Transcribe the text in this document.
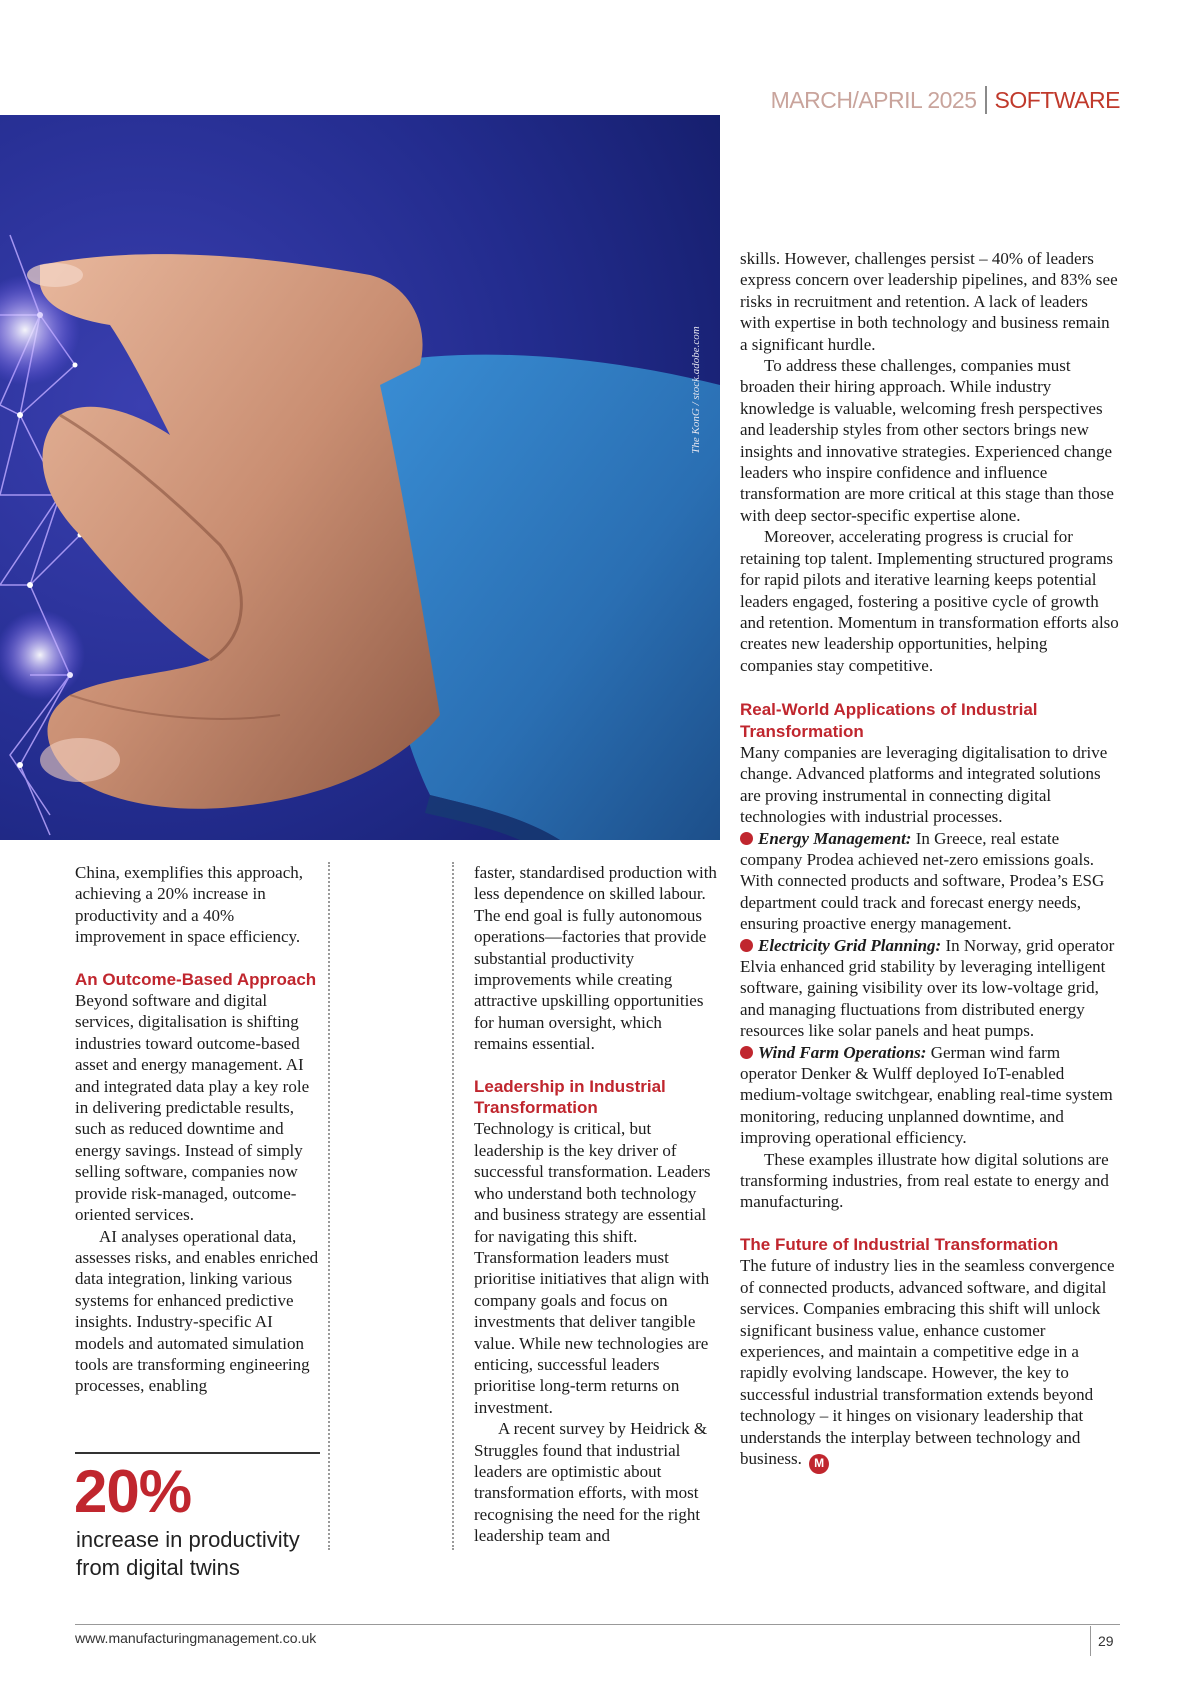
MARCH/APRIL 2025 SOFTWARE
The KonG / stock.adobe.com

China, exemplifies this approach, achieving a 20% increase in productivity and a 40% improvement in space efficiency.

An Outcome-Based Approach

Beyond software and digital services, digitalisation is shifting industries toward outcome-based asset and energy management. AI and integrated data play a key role in delivering predictable results, such as reduced downtime and energy savings. Instead of simply selling software, companies now provide risk-managed, outcome-oriented services.

AI analyses operational data, assesses risks, and enables enriched data integration, linking various systems for enhanced predictive insights. Industry-specific AI models and automated simulation tools are transforming engineering processes, enabling

20%
increase in productivity from digital twins

faster, standardised production with less dependence on skilled labour. The end goal is fully autonomous operations—factories that provide substantial productivity improvements while creating attractive upskilling opportunities for human oversight, which remains essential.

Leadership in Industrial Transformation

Technology is critical, but leadership is the key driver of successful transformation. Leaders who understand both technology and business strategy are essential for navigating this shift. Transformation leaders must prioritise initiatives that align with company goals and focus on investments that deliver tangible value. While new technologies are enticing, successful leaders prioritise long-term returns on investment.

A recent survey by Heidrick & Struggles found that industrial leaders are optimistic about transformation efforts, with most recognising the need for the right leadership team and

skills. However, challenges persist – 40% of leaders express concern over leadership pipelines, and 83% see risks in recruitment and retention. A lack of leaders with expertise in both technology and business remain a significant hurdle.

To address these challenges, companies must broaden their hiring approach. While industry knowledge is valuable, welcoming fresh perspectives and leadership styles from other sectors brings new insights and innovative strategies. Experienced change leaders who inspire confidence and influence transformation are more critical at this stage than those with deep sector-specific expertise alone.

Moreover, accelerating progress is crucial for retaining top talent. Implementing structured programs for rapid pilots and iterative learning keeps potential leaders engaged, fostering a positive cycle of growth and retention. Momentum in transformation efforts also creates new leadership opportunities, helping companies stay competitive.

Real-World Applications of Industrial Transformation

Many companies are leveraging digitalisation to drive change. Advanced platforms and integrated solutions are proving instrumental in connecting digital technologies with industrial processes.

Energy Management: In Greece, real estate company Prodea achieved net-zero emissions goals. With connected products and software, Prodea’s ESG department could track and forecast energy needs, ensuring proactive energy management.

Electricity Grid Planning: In Norway, grid operator Elvia enhanced grid stability by leveraging intelligent software, gaining visibility over its low-voltage grid, and managing fluctuations from distributed energy resources like solar panels and heat pumps.

Wind Farm Operations: German wind farm operator Denker & Wulff deployed IoT-enabled medium-voltage switchgear, enabling real-time system monitoring, reducing unplanned downtime, and improving operational efficiency.

These examples illustrate how digital solutions are transforming industries, from real estate to energy and manufacturing.

The Future of Industrial Transformation

The future of industry lies in the seamless convergence of connected products, advanced software, and digital services. Companies embracing this shift will unlock significant business value, enhance customer experiences, and maintain a competitive edge in a rapidly evolving landscape. However, the key to successful industrial transformation extends beyond technology – it hinges on visionary leadership that understands the interplay between technology and business. M

www.manufacturingmanagement.co.uk	29
